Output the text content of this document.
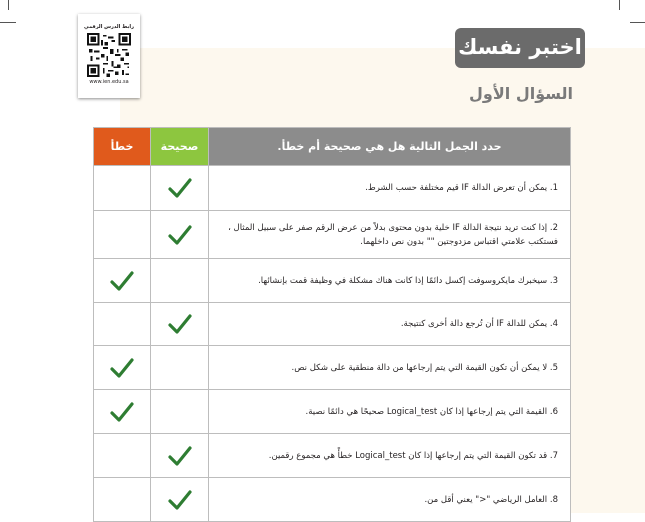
رابط الدرس الرقمي
www.ien.edu.sa
اختبر نفسك
السؤال الأول
خطأ	صحيحة	حدد الجمل التالية هل هي صحيحة أم خطأ.
		1. يمكن أن تعرض الدالة IF قيم مختلفة حسب الشرط.
		2. إذا كنت تريد نتيجة الدالة IF خلية بدون محتوى بدلاً من عرض الرقم صفر على سبيل المثال ، فستكتب علامتي اقتباس مزدوجتين "" بدون نص داخلهما.
		3. سيخبرك مايكروسوفت إكسل دائمًا إذا كانت هناك مشكلة في وظيفة قمت بإنشائها.
		4. يمكن للدالة IF أن تُرجع دالة أخرى كنتيجة.
		5. لا يمكن أن تكون القيمة التي يتم إرجاعها من دالة منطقية على شكل نص.
		6. القيمة التي يتم إرجاعها إذا كان Logical_test صحيحًا هي دائمًا نصية.
		7. قد تكون القيمة التي يتم إرجاعها إذا كان Logical_test خطأً هي مجموع رقمين.
		8. العامل الرياضي "<" يعني أقل من.
